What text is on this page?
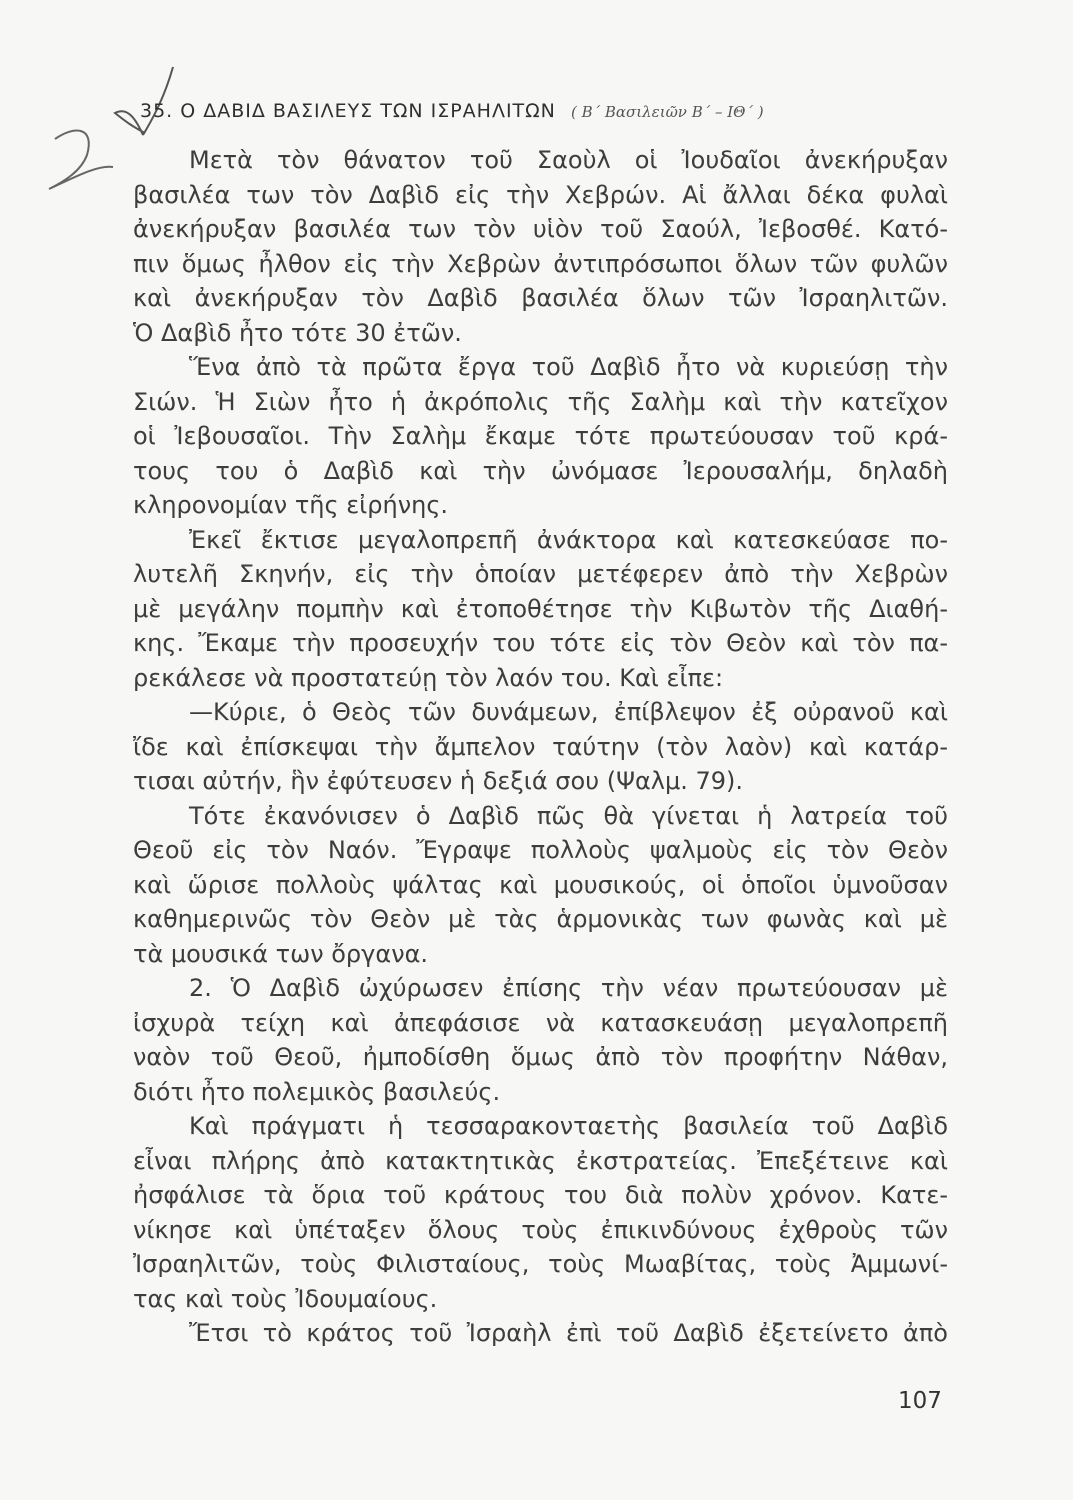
35. Ο ΔΑΒΙΔ ΒΑΣΙΛΕΥΣ ΤΩΝ ΙΣΡΑΗΛΙΤΩΝ ( Β΄ Βασιλειῶν Β΄ – ΙΘ΄ )
Μετὰ τὸν θάνατον τοῦ Σαοὺλ οἱ Ἰουδαῖοι ἀνεκήρυξαν
βασιλέα των τὸν Δαβὶδ εἰς τὴν Χεβρών. Αἱ ἄλλαι δέκα φυλαὶ
ἀνεκήρυξαν βασιλέα των τὸν υἱὸν τοῦ Σαούλ, Ἰεβοσθέ. Κατό-
πιν ὅμως ἦλθον εἰς τὴν Χεβρὼν ἀντιπρόσωποι ὅλων τῶν φυλῶν
καὶ ἀνεκήρυξαν τὸν Δαβὶδ βασιλέα ὅλων τῶν Ἰσραηλιτῶν.
Ὁ Δαβὶδ ἦτο τότε 30 ἐτῶν.
Ἕνα ἀπὸ τὰ πρῶτα ἔργα τοῦ Δαβὶδ ἦτο νὰ κυριεύσῃ τὴν
Σιών. Ἡ Σιὼν ἦτο ἡ ἀκρόπολις τῆς Σαλὴμ καὶ τὴν κατεῖχον
οἱ Ἰεβουσαῖοι. Τὴν Σαλὴμ ἔκαμε τότε πρωτεύουσαν τοῦ κρά-
τους του ὁ Δαβὶδ καὶ τὴν ὠνόμασε Ἰερουσαλήμ, δηλαδὴ
κληρονομίαν τῆς εἰρήνης.
Ἐκεῖ ἔκτισε μεγαλοπρεπῆ ἀνάκτορα καὶ κατεσκεύασε πο-
λυτελῆ Σκηνήν, εἰς τὴν ὁποίαν μετέφερεν ἀπὸ τὴν Χεβρὼν
μὲ μεγάλην πομπὴν καὶ ἐτοποθέτησε τὴν Κιβωτὸν τῆς Διαθή-
κης. Ἔκαμε τὴν προσευχήν του τότε εἰς τὸν Θεὸν καὶ τὸν πα-
ρεκάλεσε νὰ προστατεύῃ τὸν λαόν του. Καὶ εἶπε:
—Κύριε, ὁ Θεὸς τῶν δυνάμεων, ἐπίβλεψον ἐξ οὐρανοῦ καὶ
ἴδε καὶ ἐπίσκεψαι τὴν ἄμπελον ταύτην (τὸν λαὸν) καὶ κατάρ-
τισαι αὐτήν, ἣν ἐφύτευσεν ἡ δεξιά σου (Ψαλμ. 79).
Τότε ἐκανόνισεν ὁ Δαβὶδ πῶς θὰ γίνεται ἡ λατρεία τοῦ
Θεοῦ εἰς τὸν Ναόν. Ἔγραψε πολλοὺς ψαλμοὺς εἰς τὸν Θεὸν
καὶ ὥρισε πολλοὺς ψάλτας καὶ μουσικούς, οἱ ὁποῖοι ὑμνοῦσαν
καθημερινῶς τὸν Θεὸν μὲ τὰς ἁρμονικὰς των φωνὰς καὶ μὲ
τὰ μουσικά των ὄργανα.
2. Ὁ Δαβὶδ ὠχύρωσεν ἐπίσης τὴν νέαν πρωτεύουσαν μὲ
ἰσχυρὰ τείχη καὶ ἀπεφάσισε νὰ κατασκευάσῃ μεγαλοπρεπῆ
ναὸν τοῦ Θεοῦ, ἠμποδίσθη ὅμως ἀπὸ τὸν προφήτην Νάθαν,
διότι ἦτο πολεμικὸς βασιλεύς.
Καὶ πράγματι ἡ τεσσαρακονταετὴς βασιλεία τοῦ Δαβὶδ
εἶναι πλήρης ἀπὸ κατακτητικὰς ἐκστρατείας. Ἐπεξέτεινε καὶ
ἠσφάλισε τὰ ὅρια τοῦ κράτους του διὰ πολὺν χρόνον. Κατε-
νίκησε καὶ ὑπέταξεν ὅλους τοὺς ἐπικινδύνους ἐχθροὺς τῶν
Ἰσραηλιτῶν, τοὺς Φιλισταίους, τοὺς Μωαβίτας, τοὺς Ἀμμωνί-
τας καὶ τοὺς Ἰδουμαίους.
Ἔτσι τὸ κράτος τοῦ Ἰσραὴλ ἐπὶ τοῦ Δαβὶδ ἐξετείνετο ἀπὸ
107
